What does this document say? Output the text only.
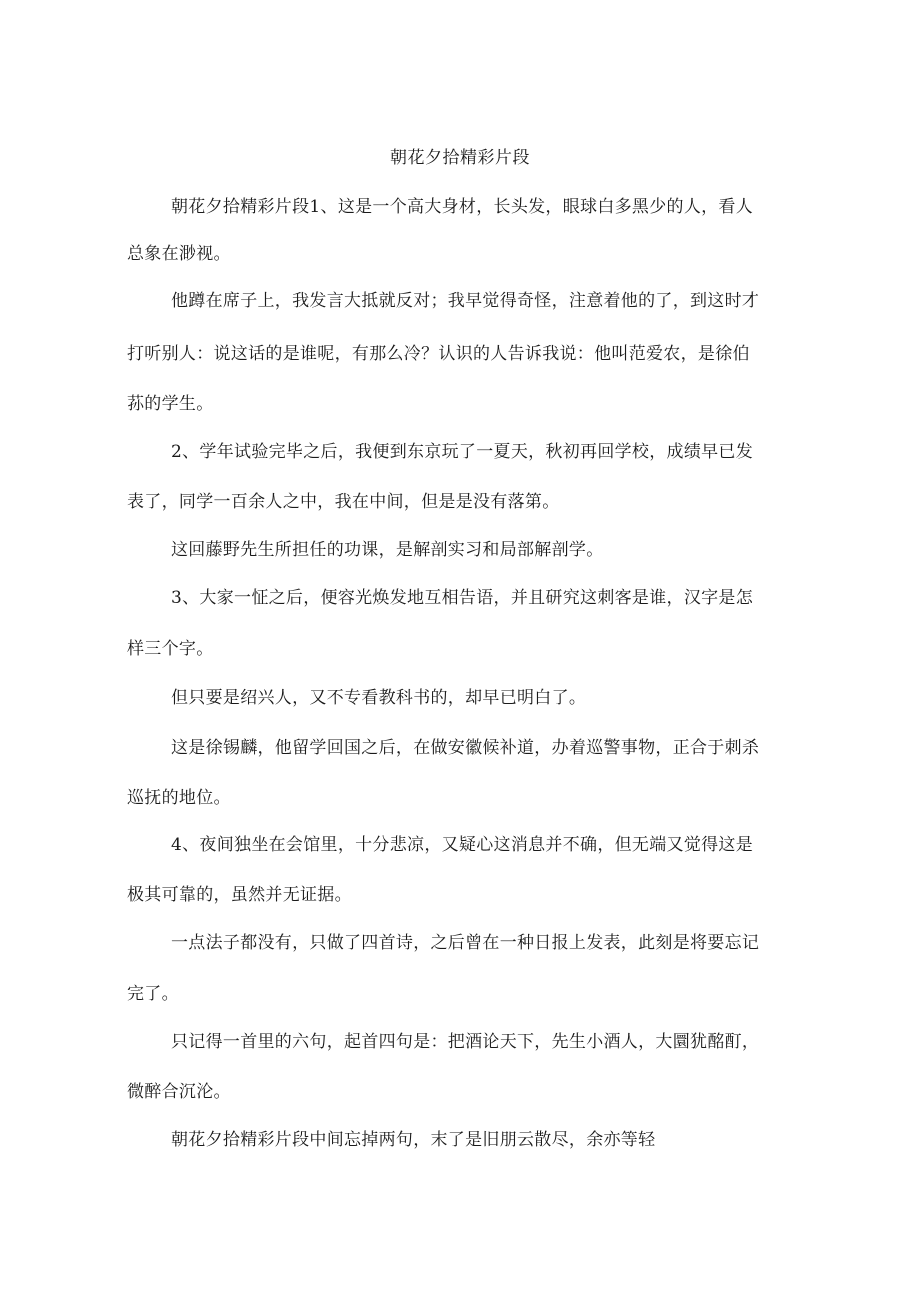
朝花夕拾精彩片段
朝花夕拾精彩片段1、这是一个高大身材，长头发，眼球白多黑少的人，看人
总象在渺视。
他蹲在席子上，我发言大抵就反对；我早觉得奇怪，注意着他的了，到这时才
打听别人：说这话的是谁呢，有那么冷？认识的人告诉我说：他叫范爱农，是徐伯
荪的学生。
2、学年试验完毕之后，我便到东京玩了一夏天，秋初再回学校，成绩早已发
表了，同学一百余人之中，我在中间，但是是没有落第。
这回藤野先生所担任的功课，是解剖实习和局部解剖学。
3、大家一怔之后，便容光焕发地互相告语，并且研究这刺客是谁，汉字是怎
样三个字。
但只要是绍兴人，又不专看教科书的，却早已明白了。
这是徐锡麟，他留学回国之后，在做安徽候补道，办着巡警事物，正合于刺杀
巡抚的地位。
4、夜间独坐在会馆里，十分悲凉，又疑心这消息并不确，但无端又觉得这是
极其可靠的，虽然并无证据。
一点法子都没有，只做了四首诗，之后曾在一种日报上发表，此刻是将要忘记
完了。
只记得一首里的六句，起首四句是：把酒论天下，先生小酒人，大圜犹酩酊，
微醉合沉沦。
朝花夕拾精彩片段中间忘掉两句，末了是旧朋云散尽，余亦等轻
